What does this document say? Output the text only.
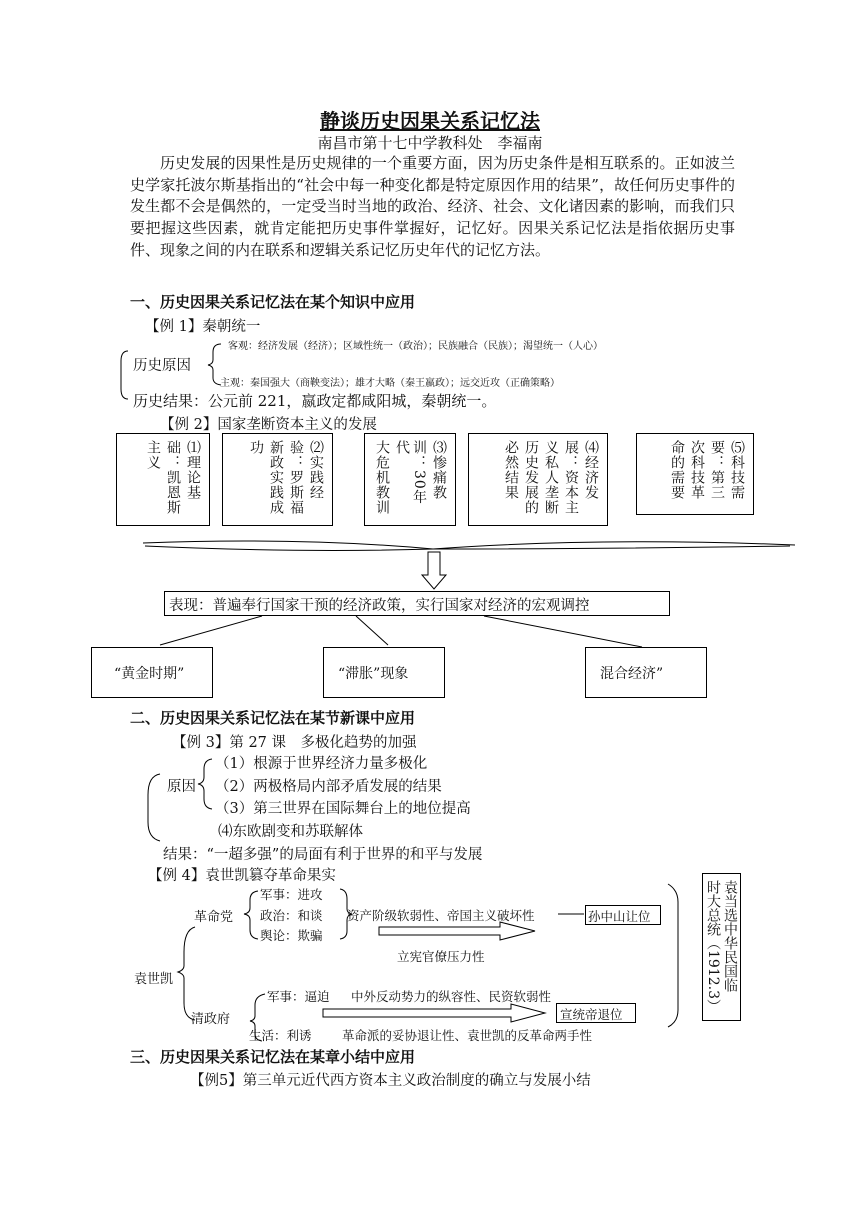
静谈历史因果关系记忆法
南昌市第十七中学教科处　李福南
历史发展的因果性是历史规律的一个重要方面，因为历史条件是相互联系的。正如波兰史学家托波尔斯基指出的“社会中每一种变化都是特定原因作用的结果”，故任何历史事件的发生都不会是偶然的，一定受当时当地的政治、经济、社会、文化诸因素的影响，而我们只要把握这些因素，就肯定能把历史事件掌握好，记忆好。因果关系记忆法是指依据历史事件、现象之间的内在联系和逻辑关系记忆历史年代的记忆方法。
一、历史因果关系记忆法在某个知识中应用
【例 1】秦朝统一
客观：经济发展（经济）；区域性统一（政治）；民族融合（民族）；渴望统一（人心）
历史原因
主观：秦国强大（商鞅变法）；雄才大略（秦王嬴政）；远交近攻（正确策略）
历史结果：公元前 221，嬴政定都咸阳城，秦朝统一。
【例 2】国家垄断资本主义的发展
⑴理论基
础：凯恩斯
主义	⑵实践经
验：罗斯福
新政实践成
功	⑶惨痛教
训：30年代
大危机教训	⑷经济发
展：资本主
义私人垄断
历史发展的
必然结果	⑸科技需
要：第三
次科技革
命的需要
表现：普遍奉行国家干预的经济政策，实行国家对经济的宏观调控
“黄金时期”	“滞胀”现象	混合经济”
二、历史因果关系记忆法在某节新课中应用
【例 3】第 27 课　多极化趋势的加强
（1）根源于世界经济力量多极化
原因 （2）两极格局内部矛盾发展的结果
（3）第三世界在国际舞台上的地位提高
⑷东欧剧变和苏联解体
结果：“一超多强”的局面有利于世界的和平与发展
【例 4】袁世凯篡夺革命果实
军事：进攻
革命党 政治：和谈 资产阶级软弱性、帝国主义破坏性	孙中山让位
舆论：欺骗
立宪官僚压力性
袁世凯
军事：逼迫 中外反动势力的纵容性、民资软弱性
宣统帝退位
清政府
生活：利诱 革命派的妥协退让性、袁世凯的反革命两手性
袁当选中华民国临
时大总统（1912.3）
三、历史因果关系记忆法在某章小结中应用
【例5】第三单元近代西方资本主义政治制度的确立与发展小结
